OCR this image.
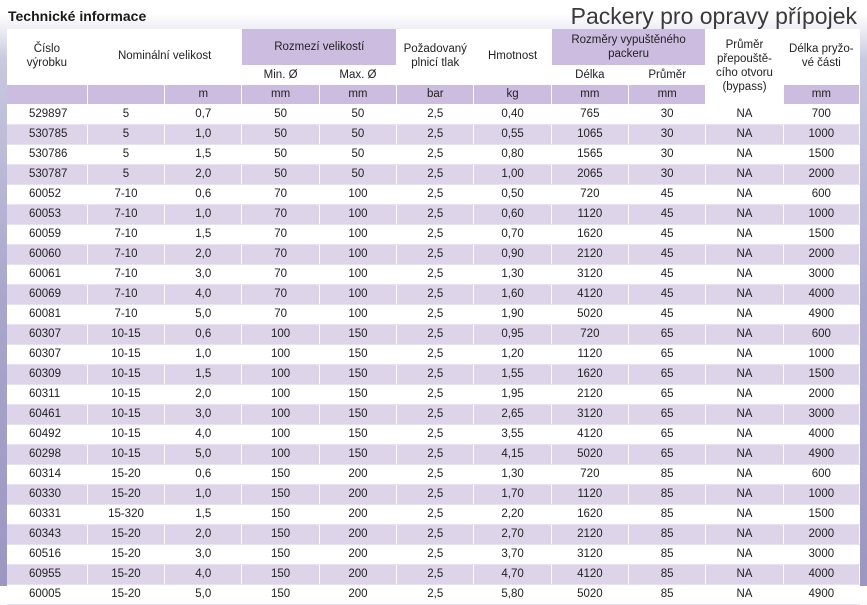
Technické informace	Packery pro opravy přípojek
Číslo
výrobku	Nominální velikost		Rozmezí velikostí		Požadovaný plnicí tlak	Hmotnost	Rozměry vypuštěného packeru		Průměr přepouště-cího otvoru (bypass)	Délka pryžo-vé části
			Min. Ø	Max. Ø			Délka	Průměr		
		m	mm	mm	bar	kg	mm	mm		mm
529897	5	0,7	50	50	2,5	0,40	765	30	NA	700
530785	5	1,0	50	50	2,5	0,55	1065	30	NA	1000
530786	5	1,5	50	50	2,5	0,80	1565	30	NA	1500
530787	5	2,0	50	50	2,5	1,00	2065	30	NA	2000
60052	7-10	0,6	70	100	2,5	0,50	720	45	NA	600
60053	7-10	1,0	70	100	2,5	0,60	1120	45	NA	1000
60059	7-10	1,5	70	100	2,5	0,70	1620	45	NA	1500
60060	7-10	2,0	70	100	2,5	0,90	2120	45	NA	2000
60061	7-10	3,0	70	100	2,5	1,30	3120	45	NA	3000
60069	7-10	4,0	70	100	2,5	1,60	4120	45	NA	4000
60081	7-10	5,0	70	100	2,5	1,90	5020	45	NA	4900
60307	10-15	0,6	100	150	2,5	0,95	720	65	NA	600
60307	10-15	1,0	100	150	2,5	1,20	1120	65	NA	1000
60309	10-15	1,5	100	150	2,5	1,55	1620	65	NA	1500
60311	10-15	2,0	100	150	2,5	1,95	2120	65	NA	2000
60461	10-15	3,0	100	150	2,5	2,65	3120	65	NA	3000
60492	10-15	4,0	100	150	2,5	3,55	4120	65	NA	4000
60298	10-15	5,0	100	150	2,5	4,15	5020	65	NA	4900
60314	15-20	0,6	150	200	2,5	1,30	720	85	NA	600
60330	15-20	1,0	150	200	2,5	1,70	1120	85	NA	1000
60331	15-320	1,5	150	200	2,5	2,20	1620	85	NA	1500
60343	15-20	2,0	150	200	2,5	2,70	2120	85	NA	2000
60516	15-20	3,0	150	200	2,5	3,70	3120	85	NA	3000
60955	15-20	4,0	150	200	2,5	4,70	4120	85	NA	4000
60005	15-20	5,0	150	200	2,5	5,80	5020	85	NA	4900
